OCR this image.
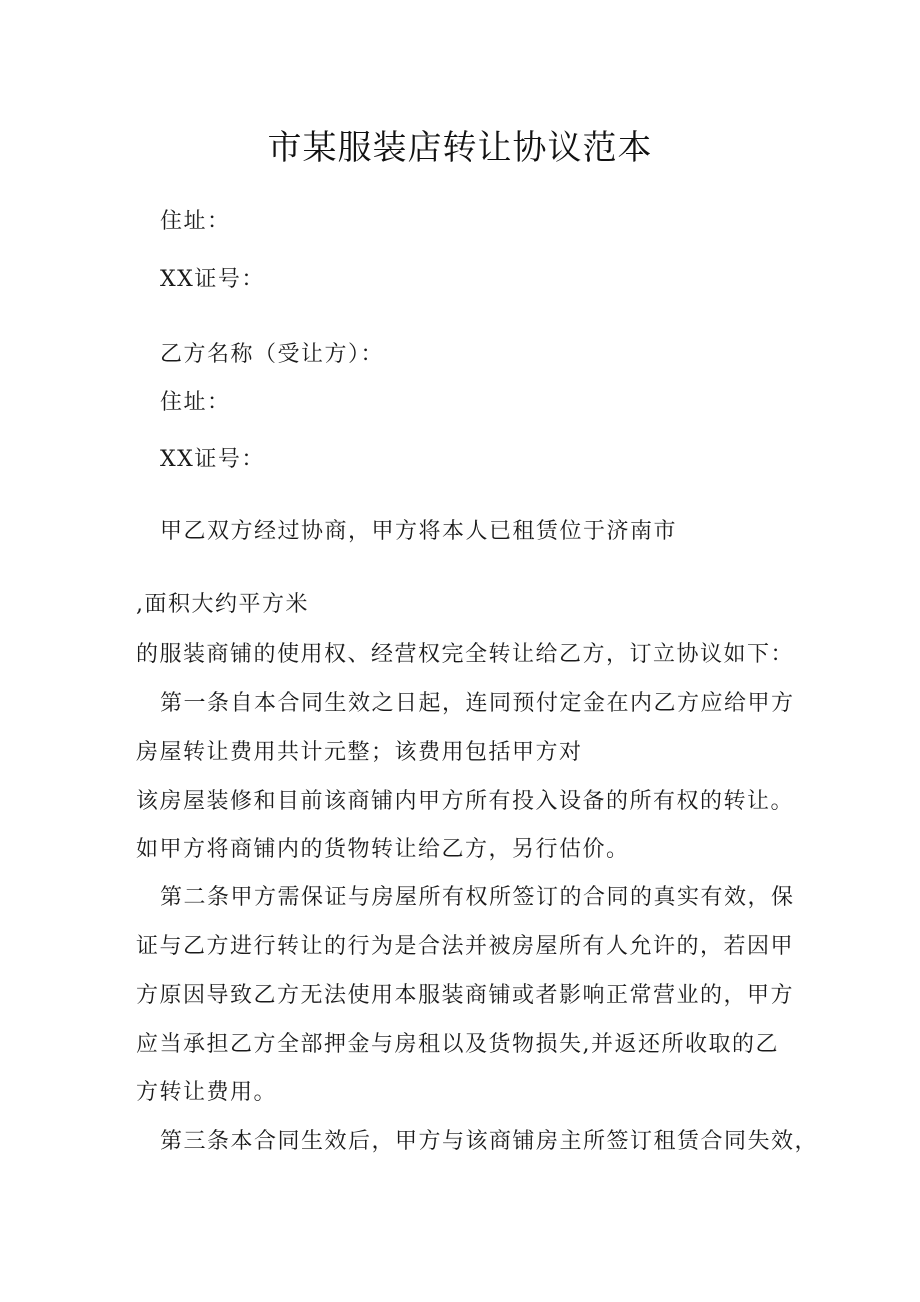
市某服装店转让协议范本
住址：
XX证号：
乙方名称（受让方）：
住址：
XX证号：
甲乙双方经过协商，甲方将本人已租赁位于济南市
,面积大约平方米
的服装商铺的使用权、经营权完全转让给乙方，订立协议如下：
第一条自本合同生效之日起，连同预付定金在内乙方应给甲方
房屋转让费用共计元整；该费用包括甲方对
该房屋装修和目前该商铺内甲方所有投入设备的所有权的转让。
如甲方将商铺内的货物转让给乙方，另行估价。
第二条甲方需保证与房屋所有权所签订的合同的真实有效，保
证与乙方进行转让的行为是合法并被房屋所有人允许的，若因甲
方原因导致乙方无法使用本服装商铺或者影响正常营业的，甲方
应当承担乙方全部押金与房租以及货物损失,并返还所收取的乙
方转让费用。
第三条本合同生效后，甲方与该商铺房主所签订租赁合同失效，
